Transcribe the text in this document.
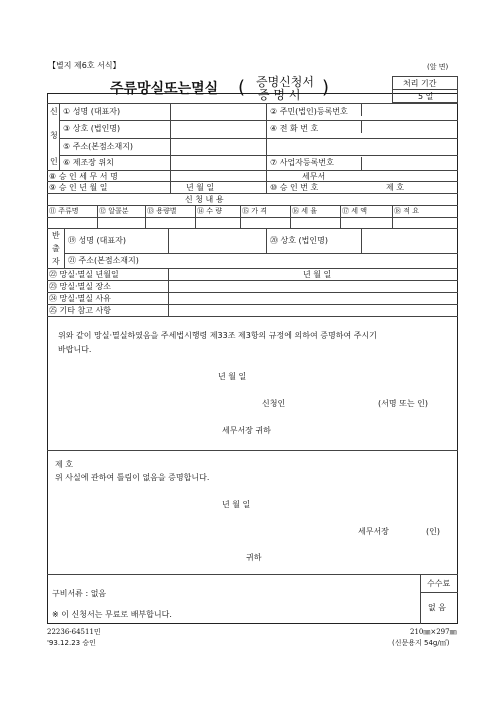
【별지 제6호 서식】	(앞 면)
주류망실또는멸실 ( 증명신청서
증 명 서 )	처리 기간
5 일
신
청
인
① 성명 (대표자)	② 주민(법인)등록번호
③ 상호 (법인명)	④ 전 화 번 호
⑤ 주소(본점소재지)
⑥ 제조장 위치	⑦ 사업자등록번호
⑧ 승 인 세 무 서 명	세무서
⑨ 승 인 년 월 일	년 월 일	⑩ 승 인 번 호	제 호
신 청 내 용
⑪ 주류명	⑫ 알콜분	⑬ 용량별	⑭ 수 량	⑮ 가 격	⑯ 세 율	⑰ 세 액	⑱ 적 요
반
출
자
⑲ 성명 (대표자)	⑳ 상호 (법인명)
㉑ 주소(본점소재지)
㉒ 망실·멸실 년월일	년 월 일
㉓ 망실·멸실 장소
㉔ 망실·멸실 사유
㉕ 기타 참고 사항
위와 같이 망실·멸실하였음을 주세법시행령 제33조 제3항의 규정에 의하여 증명하여 주시기
바랍니다.
년 월 일
신청인	(서명 또는 인)
세무서장 귀하
제 호
위 사실에 관하여 틀림이 없음을 증명합니다.
년 월 일
세무서장	(인)
귀하
구비서류 : 없음
※ 이 신청서는 무료로 배부합니다.
수수료
없 음
22236-64511민
'93.12.23 승인
210㎜×297㎜
(신문용지 54g/㎡)
